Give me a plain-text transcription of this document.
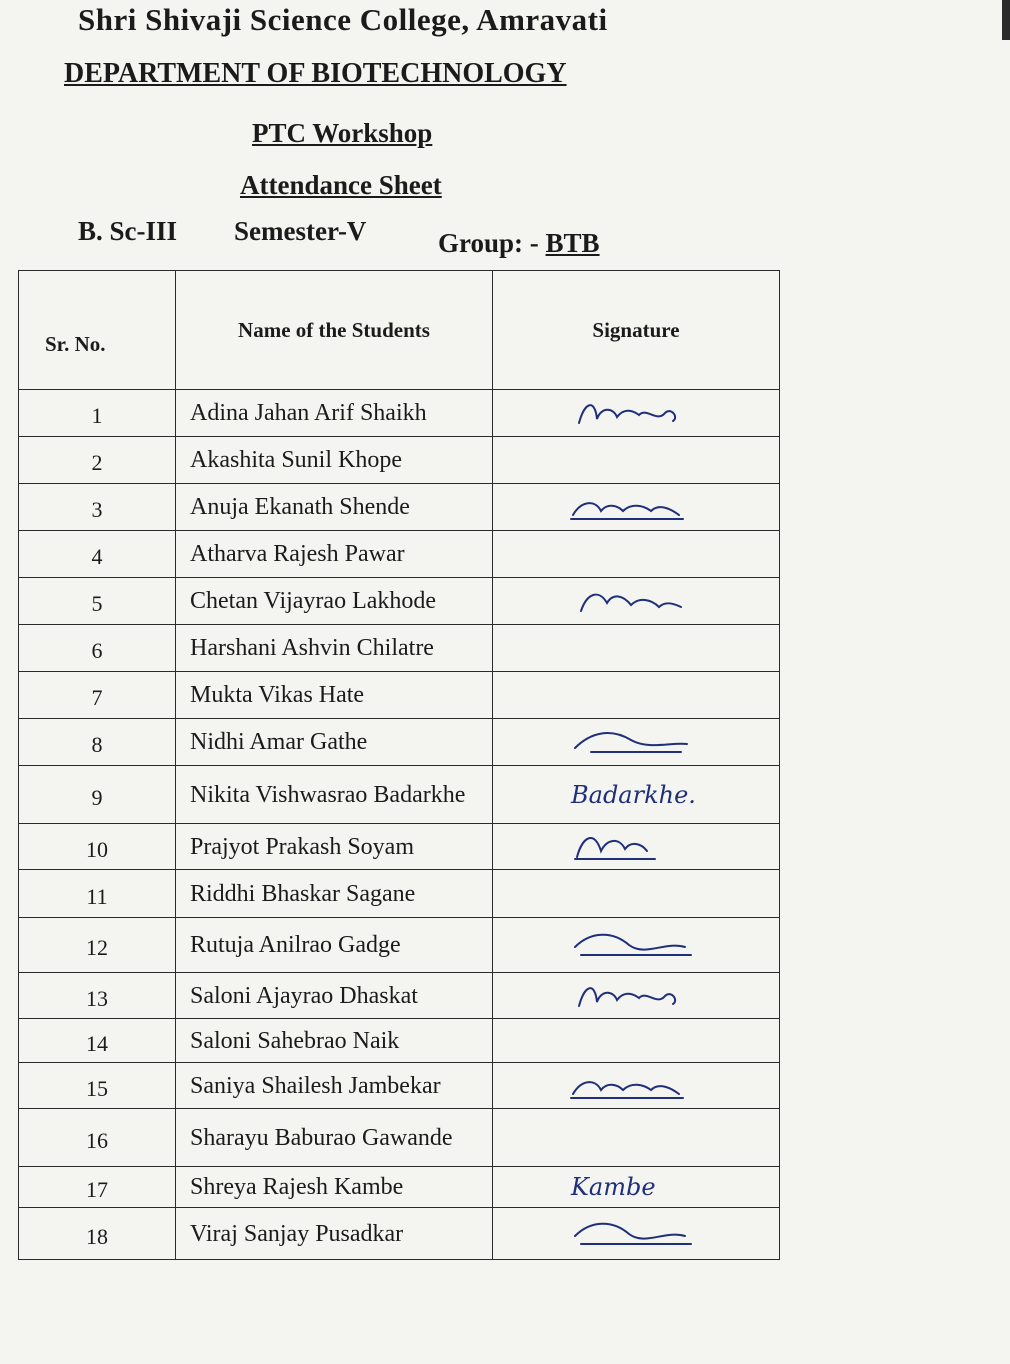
Shri Shivaji Science College, Amravati
DEPARTMENT OF BIOTECHNOLOGY
PTC Workshop
Attendance Sheet
B. Sc-III Semester-V	Group: - BTB
Sr. No.	Name of the Students	Signature
1	Adina Jahan Arif Shaikh	

2	Akashita Sunil Khope	
3	Anuja Ekanath Shende	

4	Atharva Rajesh Pawar	
5	Chetan Vijayrao Lakhode	

6	Harshani Ashvin Chilatre	
7	Mukta Vikas Hate	
8	Nidhi Amar Gathe	

9	Nikita Vishwasrao Badarkhe	Badarkhe.

10	Prajyot Prakash Soyam	

11	Riddhi Bhaskar Sagane	
12	Rutuja Anilrao Gadge	

13	Saloni Ajayrao Dhaskat	

14	Saloni Sahebrao Naik	
15	Saniya Shailesh Jambekar	

16	Sharayu Baburao Gawande	
17	Shreya Rajesh Kambe	Kambe

18	Viraj Sanjay Pusadkar	
